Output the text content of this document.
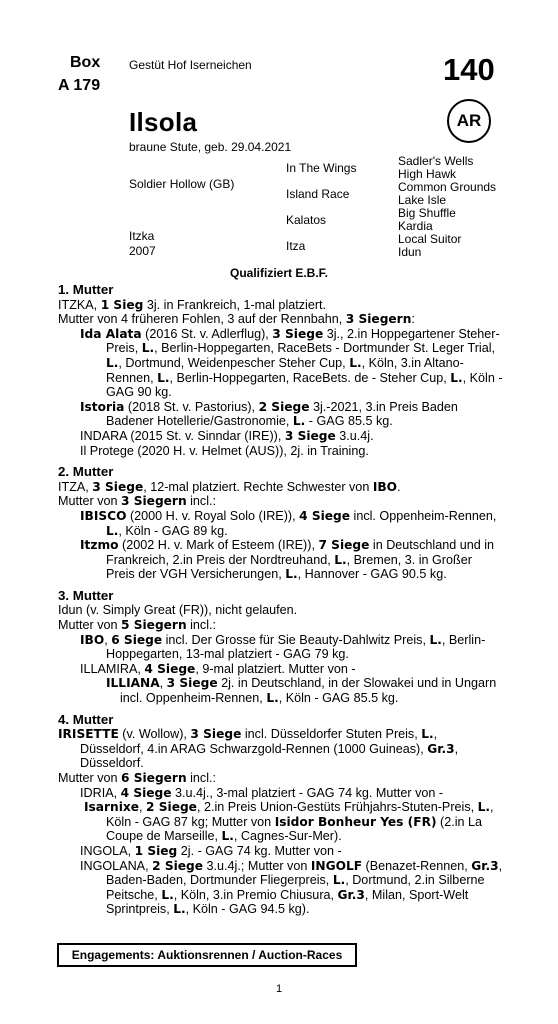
Box
A 179
Gestüt Hof Iserneichen	140
AR
Ilsola
braune Stute, geb. 29.04.2021
Soldier Hollow (GB)
Itzka
2007
In The Wings
Island Race
Kalatos
Itza
Sadler's Wells
High Hawk
Common Grounds
Lake Isle
Big Shuffle
Kardia
Local Suitor
Idun
Qualifiziert E.B.F.
1. Mutter

ITZKA, 1 Sieg 3j. in Frankreich, 1-mal platziert.

Mutter von 4 früheren Fohlen, 3 auf der Rennbahn, 3 Siegern:

Ida Alata (2016 St. v. Adlerflug), 3 Siege 3j., 2.in Hoppegartener Steher-Preis, L., Berlin-Hoppegarten, RaceBets - Dortmunder St. Leger Trial, L., Dortmund, Weidenpescher Steher Cup, L., Köln, 3.in Altano-Rennen, L., Berlin-Hoppegarten, RaceBets. de - Steher Cup, L., Köln - GAG 90 kg.

Istoria (2018 St. v. Pastorius), 2 Siege 3j.-2021, 3.in Preis Baden Badener Hotellerie/Gastronomie, L. - GAG 85.5 kg.

INDARA (2015 St. v. Sinndar (IRE)), 3 Siege 3.u.4j.

Il Protege (2020 H. v. Helmet (AUS)), 2j. in Training.

2. Mutter

ITZA, 3 Siege, 12-mal platziert. Rechte Schwester von IBO.

Mutter von 3 Siegern incl.:

IBISCO (2000 H. v. Royal Solo (IRE)), 4 Siege incl. Oppenheim-Rennen, L., Köln - GAG 89 kg.

Itzmo (2002 H. v. Mark of Esteem (IRE)), 7 Siege in Deutschland und in Frankreich, 2.in Preis der Nordtreuhand, L., Bremen, 3. in Großer Preis der VGH Versicherungen, L., Hannover - GAG 90.5 kg.

3. Mutter

Idun (v. Simply Great (FR)), nicht gelaufen.

Mutter von 5 Siegern incl.:

IBO, 6 Siege incl. Der Grosse für Sie Beauty-Dahlwitz Preis, L., Berlin-Hoppegarten, 13-mal platziert - GAG 79 kg.

ILLAMIRA, 4 Siege, 9-mal platziert. Mutter von -

ILLIANA, 3 Siege 2j. in Deutschland, in der Slowakei und in Ungarn incl. Oppenheim-Rennen, L., Köln - GAG 85.5 kg.

4. Mutter

IRISETTE (v. Wollow), 3 Siege incl. Düsseldorfer Stuten Preis, L., Düsseldorf, 4.in ARAG Schwarzgold-Rennen (1000 Guineas), Gr.3, Düsseldorf.

Mutter von 6 Siegern incl.:

IDRIA, 4 Siege 3.u.4j., 3-mal platziert - GAG 74 kg. Mutter von -

Isarnixe, 2 Siege, 2.in Preis Union-Gestüts Frühjahrs-Stuten-Preis, L., Köln - GAG 87 kg; Mutter von Isidor Bonheur Yes (FR) (2.in La Coupe de Marseille, L., Cagnes-Sur-Mer).

INGOLA, 1 Sieg 2j. - GAG 74 kg. Mutter von -

INGOLANA, 2 Siege 3.u.4j.; Mutter von INGOLF (Benazet-Rennen, Gr.3, Baden-Baden, Dortmunder Fliegerpreis, L., Dortmund, 2.in Silberne Peitsche, L., Köln, 3.in Premio Chiusura, Gr.3, Milan, Sport-Welt Sprintpreis, L., Köln - GAG 94.5 kg).

Engagements: Auktionsrennen / Auction-Races
1
